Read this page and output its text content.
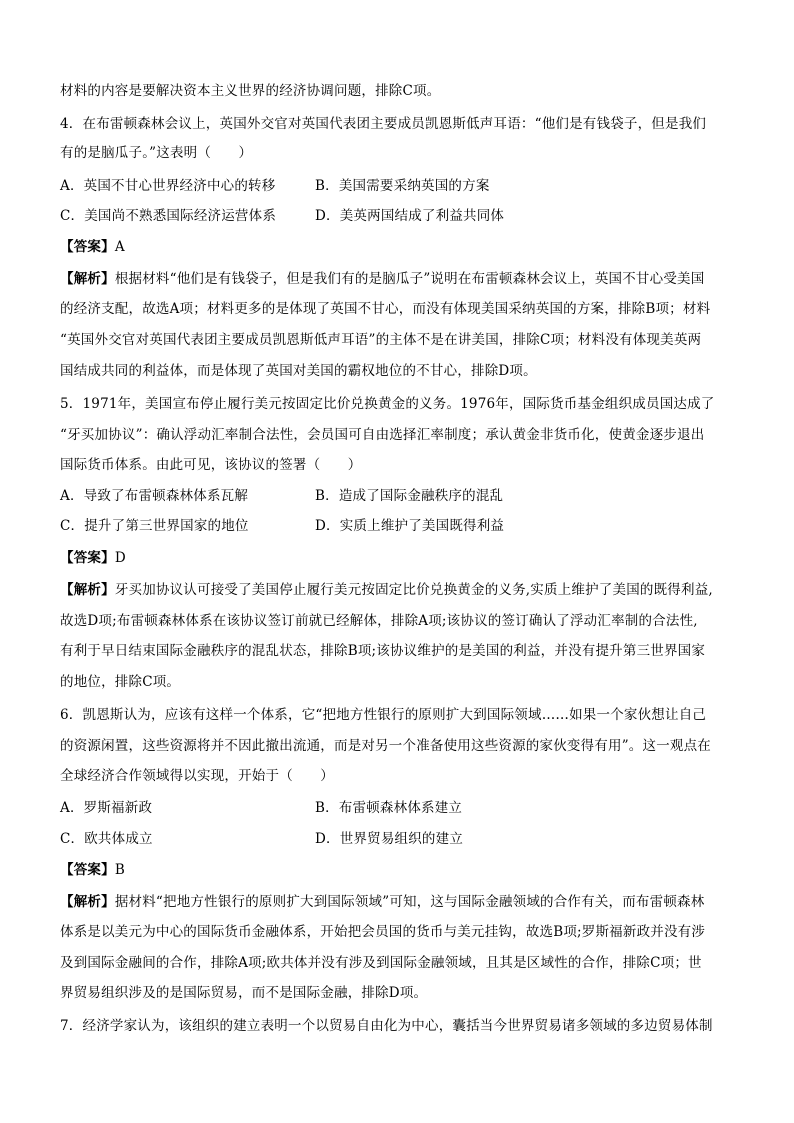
材料的内容是要解决资本主义世界的经济协调问题，排除C项。
4．在布雷顿森林会议上，英国外交官对英国代表团主要成员凯恩斯低声耳语：“他们是有钱袋子，但是我们
有的是脑瓜子。”这表明（　　）
A．英国不甘心世界经济中心的转移	B．美国需要采纳英国的方案
C．美国尚不熟悉国际经济运营体系	D．美英两国结成了利益共同体
【答案】A
【解析】根据材料“他们是有钱袋子，但是我们有的是脑瓜子”说明在布雷顿森林会议上，英国不甘心受美国
的经济支配，故选A项；材料更多的是体现了英国不甘心，而没有体现美国采纳英国的方案，排除B项；材料
“英国外交官对英国代表团主要成员凯恩斯低声耳语”的主体不是在讲美国，排除C项；材料没有体现美英两
国结成共同的利益体，而是体现了英国对美国的霸权地位的不甘心，排除D项。
5．1971年，美国宣布停止履行美元按固定比价兑换黄金的义务。1976年，国际货币基金组织成员国达成了
“牙买加协议”：确认浮动汇率制合法性，会员国可自由选择汇率制度；承认黄金非货币化，使黄金逐步退出
国际货币体系。由此可见，该协议的签署（　　）
A．导致了布雷顿森林体系瓦解	B．造成了国际金融秩序的混乱
C．提升了第三世界国家的地位	D．实质上维护了美国既得利益
【答案】D
【解析】牙买加协议认可接受了美国停止履行美元按固定比价兑换黄金的义务,实质上维护了美国的既得利益,
故选D项;布雷顿森林体系在该协议签订前就已经解体，排除A项;该协议的签订确认了浮动汇率制的合法性,
有利于早日结束国际金融秩序的混乱状态，排除B项;该协议维护的是美国的利益，并没有提升第三世界国家
的地位，排除C项。
6．凯恩斯认为，应该有这样一个体系，它“把地方性银行的原则扩大到国际领域……如果一个家伙想让自己
的资源闲置，这些资源将并不因此撤出流通，而是对另一个准备使用这些资源的家伙变得有用”。这一观点在
全球经济合作领域得以实现，开始于（　　）
A．罗斯福新政	B．布雷顿森林体系建立
C．欧共体成立	D．世界贸易组织的建立
【答案】B
【解析】据材料“把地方性银行的原则扩大到国际领域”可知，这与国际金融领域的合作有关，而布雷顿森林
体系是以美元为中心的国际货币金融体系，开始把会员国的货币与美元挂钩，故选B项;罗斯福新政并没有涉
及到国际金融间的合作，排除A项;欧共体并没有涉及到国际金融领域，且其是区域性的合作，排除C项；世
界贸易组织涉及的是国际贸易，而不是国际金融，排除D项。
7．经济学家认为，该组织的建立表明一个以贸易自由化为中心，囊括当今世界贸易诸多领域的多边贸易体制
